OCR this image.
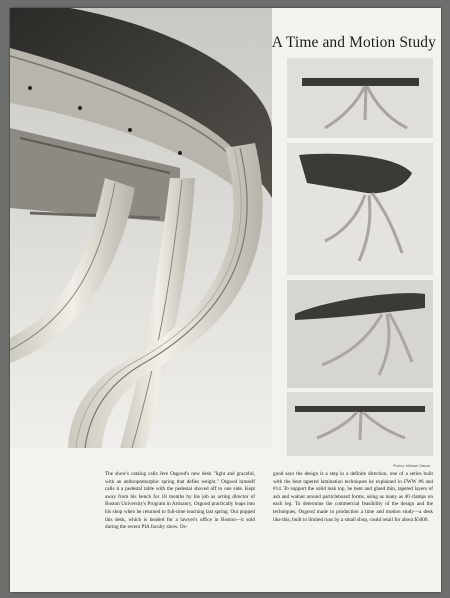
A Time and Motion Study
Photos: Michael Ostrow

The show's catalog calls Jere Osgood's new desk "light and graceful, with an anthropomorphic spring that defies weight." Osgood himself calls it a pedestal table with the pedestal shoved off to one side. Kept away from his bench for 18 months by his job as acting director of Boston University's Program in Artisanry, Osgood practically leaps into his shop when he returned to full-time teaching last spring. Out popped this desk, which is headed for a lawyer's office in Boston—it sold during the recent PIA faculty show. Os-

good says the design is a step in a definite direction, one of a series built with the bent tapered lamination techniques he explained in FWW #6 and #14. To support the solid teak top, he bent and glued thin, tapered layers of ash and walnut around particleboard forms, using as many as 40 clamps on each leg. To determine the commercial feasibility of the design and the techniques, Osgood made in production a time and motion study—a desk like this, built in limited runs by a small shop, could retail for about $5000.
